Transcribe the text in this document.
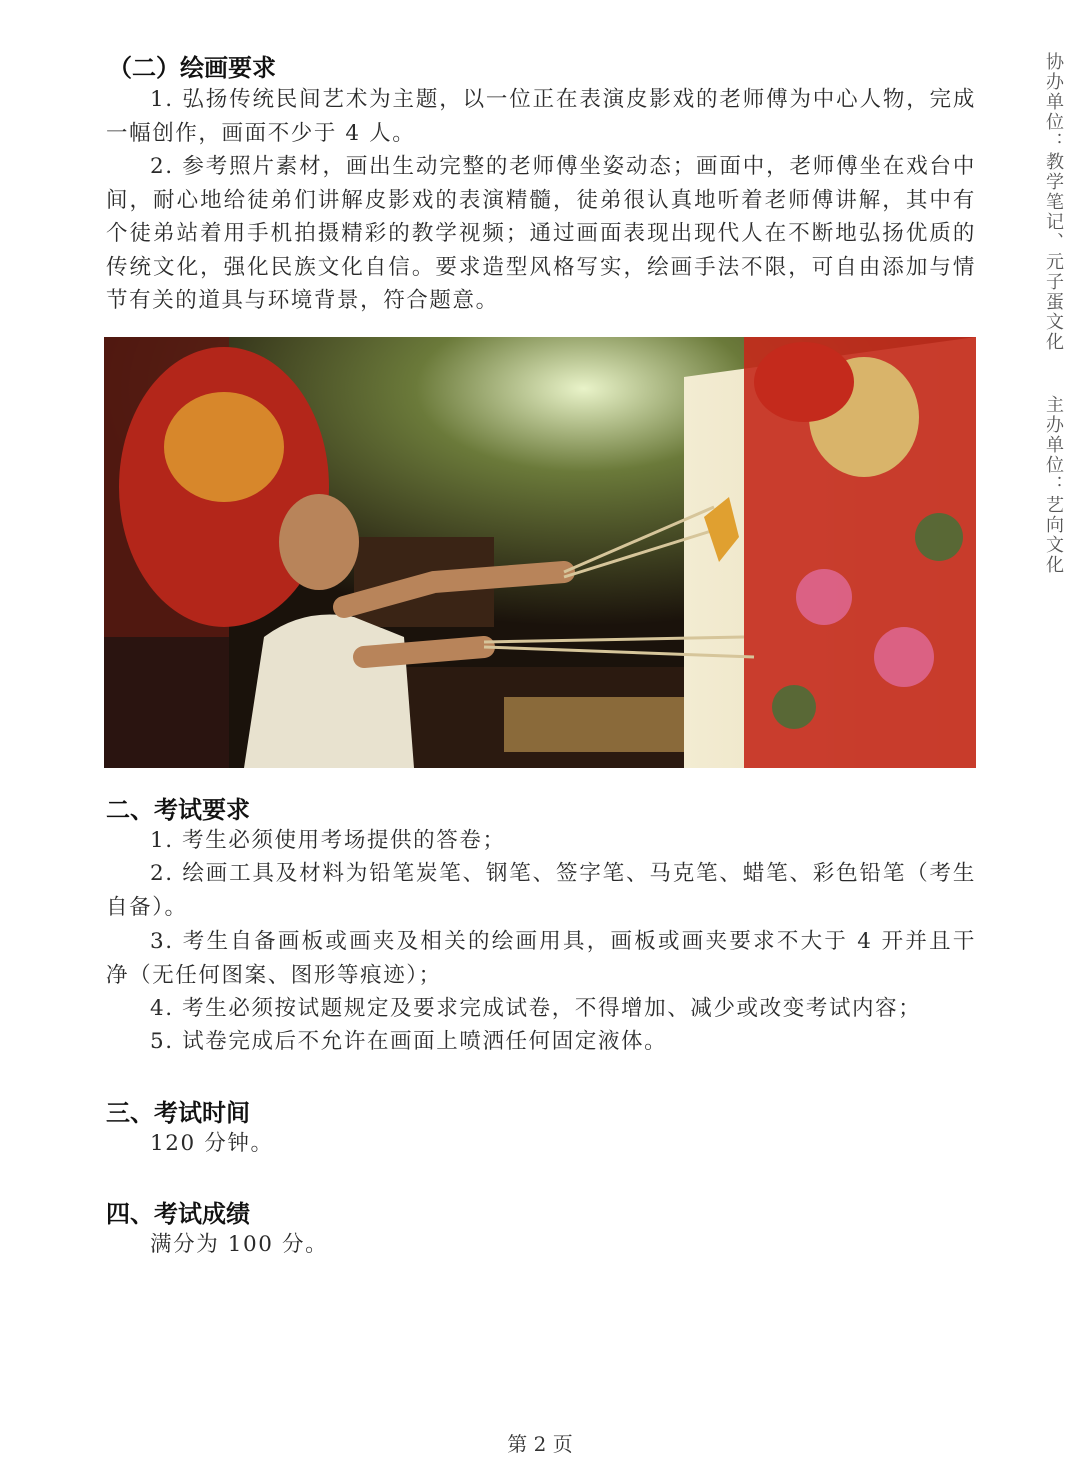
（二）绘画要求

1. 弘扬传统民间艺术为主题，以一位正在表演皮影戏的老师傅为中心人物，完成一幅创作，画面不少于 4 人。

2. 参考照片素材，画出生动完整的老师傅坐姿动态；画面中，老师傅坐在戏台中间，耐心地给徒弟们讲解皮影戏的表演精髓，徒弟很认真地听着老师傅讲解，其中有个徒弟站着用手机拍摄精彩的教学视频；通过画面表现出现代人在不断地弘扬优质的传统文化，强化民族文化自信。要求造型风格写实，绘画手法不限，可自由添加与情节有关的道具与环境背景，符合题意。

二、考试要求

1. 考生必须使用考场提供的答卷；

2. 绘画工具及材料为铅笔炭笔、钢笔、签字笔、马克笔、蜡笔、彩色铅笔（考生自备）。

3. 考生自备画板或画夹及相关的绘画用具，画板或画夹要求不大于 4 开并且干净（无任何图案、图形等痕迹）；

4. 考生必须按试题规定及要求完成试卷，不得增加、减少或改变考试内容；

5. 试卷完成后不允许在画面上喷洒任何固定液体。

三、考试时间

120 分钟。

四、考试成绩

满分为 100 分。

协办单位：教学笔记、元子蛋文化
主办单位：艺向文化
第 2 页
